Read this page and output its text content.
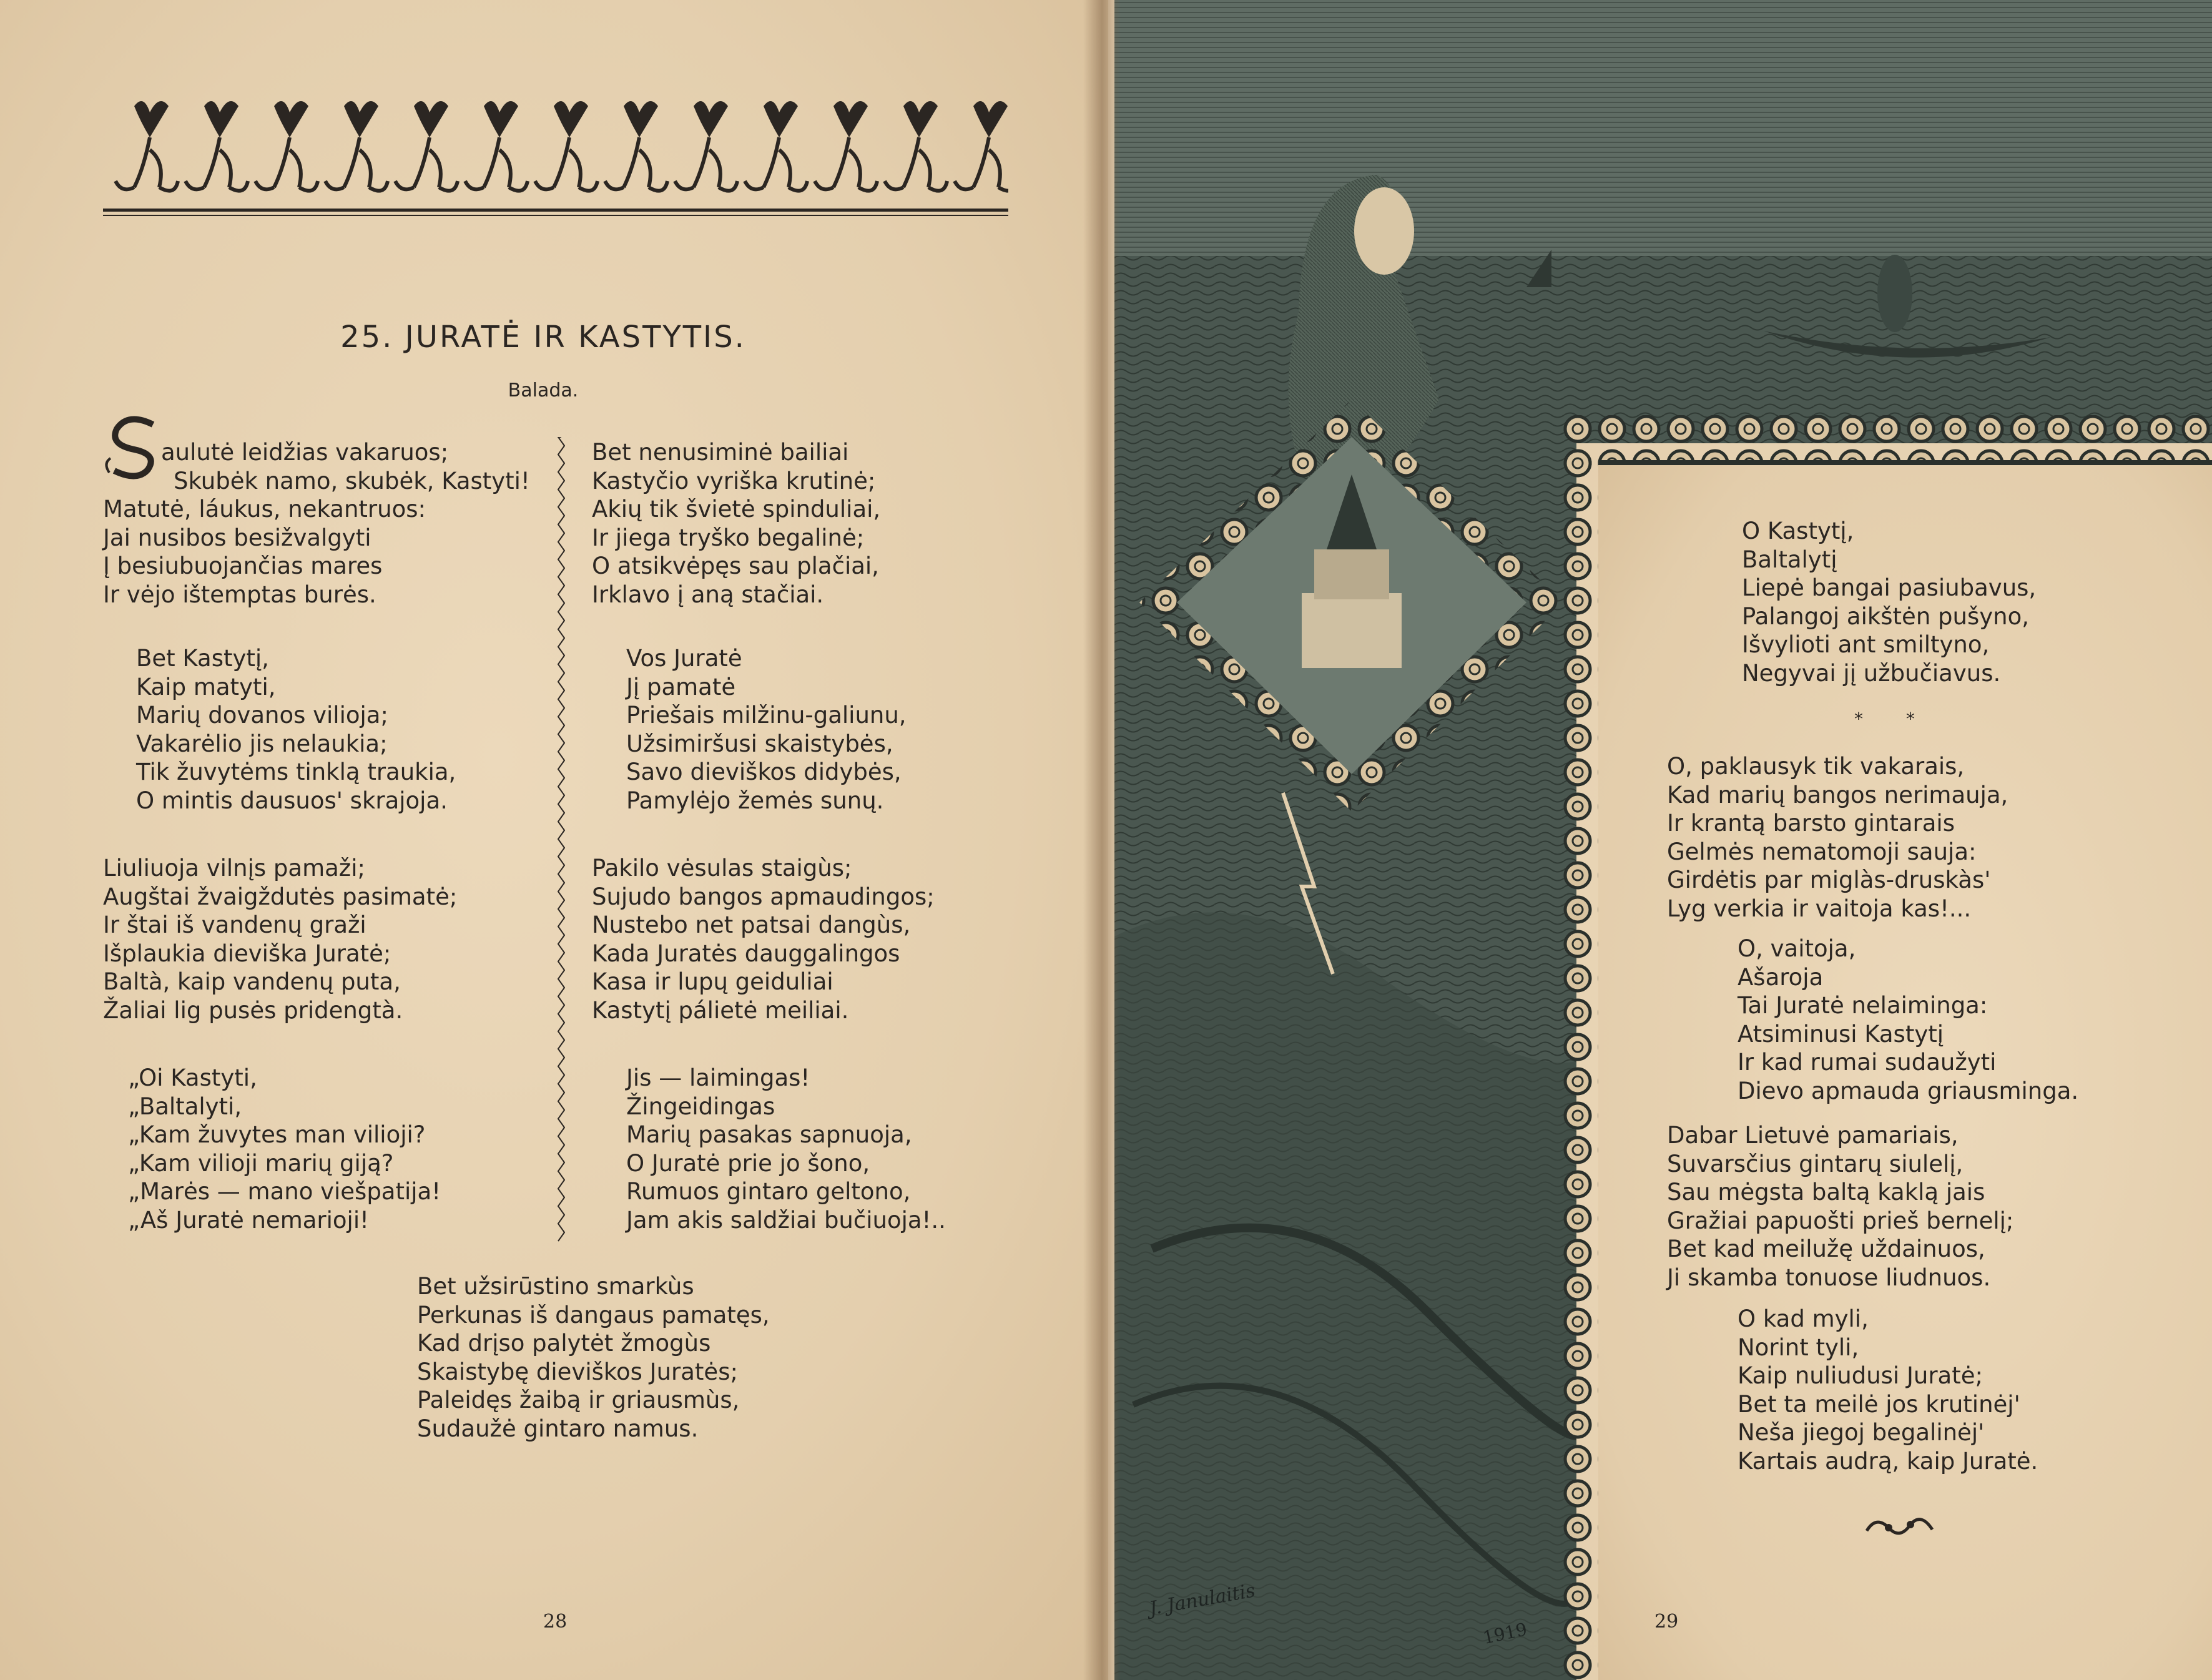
25. JURATĖ IR KASTYTIS.
Balada.
aulutė leidžias vakaruos;
Skubėk namo, skubėk, Kastyti!
Matutė, láukus, nekantruos:
Jai nusibos besižvalgyti
Į besiubuojančias mares
Ir vėjo ištemptas burės.
Bet Kastytį,
Kaip matyti,
Marių dovanos vilioja;
Vakarėlio jis nelaukia;
Tik žuvytėms tinklą traukia,
O mintis dausuos' skrajoja.
Liuliuoja vilnįs pamaži;
Augštai žvaigždutės pasimatė;
Ir štai iš vandenų graži
Išplaukia dieviška Juratė;
Baltà, kaip vandenų puta,
Žaliai lig pusės pridengtà.
„Oi Kastyti,
„Baltalyti,
„Kam žuvytes man vilioji?
„Kam vilioji marių giją?
„Marės — mano viešpatija!
„Aš Juratė nemarioji!
Bet nenusiminė bailiai
Kastyčio vyriška krutinė;
Akių tik švietė spinduliai,
Ir jiega tryško begalinė;
O atsikvėpęs sau plačiai,
Irklavo į aną stačiai.
Vos Juratė
Jį pamatė
Priešais milžinu-galiunu,
Užsimiršusi skaistybės,
Savo dieviškos didybės,
Pamylėjo žemės sunų.
Pakilo vėsulas staigùs;
Sujudo bangos apmaudingos;
Nustebo net patsai dangùs,
Kada Juratės dauggalingos
Kasa ir lupų geiduliai
Kastytį pálietė meiliai.
Jis — laimingas!
Žingeidingas
Marių pasakas sapnuoja,
O Juratė prie jo šono,
Rumuos gintaro geltono,
Jam akis saldžiai bučiuoja!..
Bet užsirūstino smarkùs
Perkunas iš dangaus pamatęs,
Kad drįso palytėt žmogùs
Skaistybę dieviškos Juratės;
Paleidęs žaibą ir griausmùs,
Sudaužė gintaro namus.
28
O Kastytį,
Baltalytį
Liepė bangai pasiubavus,
Palangoj aikštėn pušyno,
Išvylioti ant smiltyno,
Negyvai jį užbučiavus.
* *
O, paklausyk tik vakarais,
Kad marių bangos nerimauja,
Ir krantą barsto gintarais
Gelmės nematomoji sauja:
Girdėtis par miglàs-druskàs'
Lyg verkia ir vaitoja kas!...
O, vaitoja,
Ašaroja
Tai Juratė nelaiminga:
Atsiminusi Kastytį
Ir kad rumai sudaužyti
Dievo apmauda griausminga.
Dabar Lietuvė pamariais,
Suvarsčius gintarų siulelį,
Sau mėgsta baltą kaklą jais
Gražiai papuošti prieš bernelį;
Bet kad meilužę uždainuos,
Ji skamba tonuose liudnuos.
O kad myli,
Norint tyli,
Kaip nuliudusi Juratė;
Bet ta meilė jos krutinėj'
Neša jiegoj begalinėj'
Kartais audrą, kaip Juratė.
J. Janulaitis
1919	29
